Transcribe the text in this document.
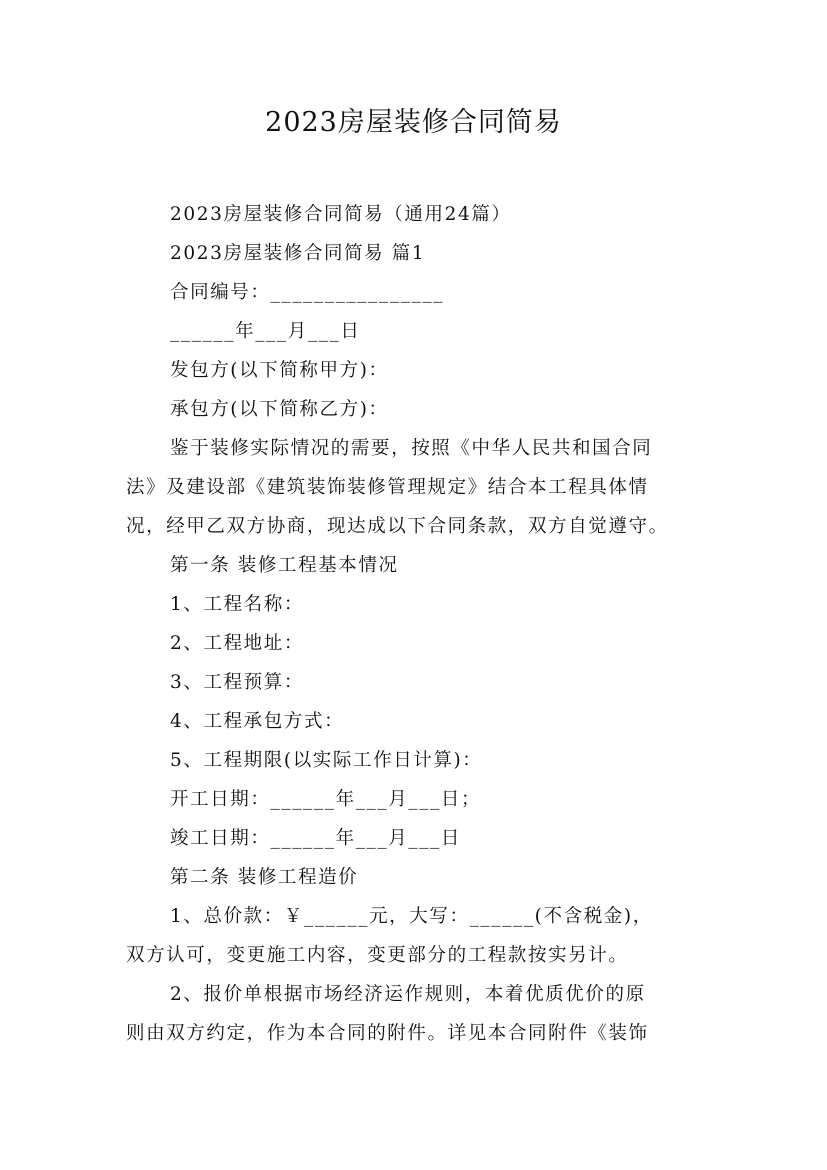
2023房屋装修合同简易
2023房屋装修合同简易（通用24篇）
2023房屋装修合同简易 篇1
合同编号：________________
______年___月___日
发包方(以下简称甲方)：
承包方(以下简称乙方)：
鉴于装修实际情况的需要，按照《中华人民共和国合同
法》及建设部《建筑装饰装修管理规定》结合本工程具体情
况，经甲乙双方协商，现达成以下合同条款，双方自觉遵守。
第一条 装修工程基本情况
1、工程名称：
2、工程地址：
3、工程预算：
4、工程承包方式：
5、工程期限(以实际工作日计算)：
开工日期：______年___月___日；
竣工日期：______年___月___日
第二条 装修工程造价
1、总价款：￥______元，大写：______(不含税金)，
双方认可，变更施工内容，变更部分的工程款按实另计。
2、报价单根据市场经济运作规则，本着优质优价的原
则由双方约定，作为本合同的附件。详见本合同附件《装饰
